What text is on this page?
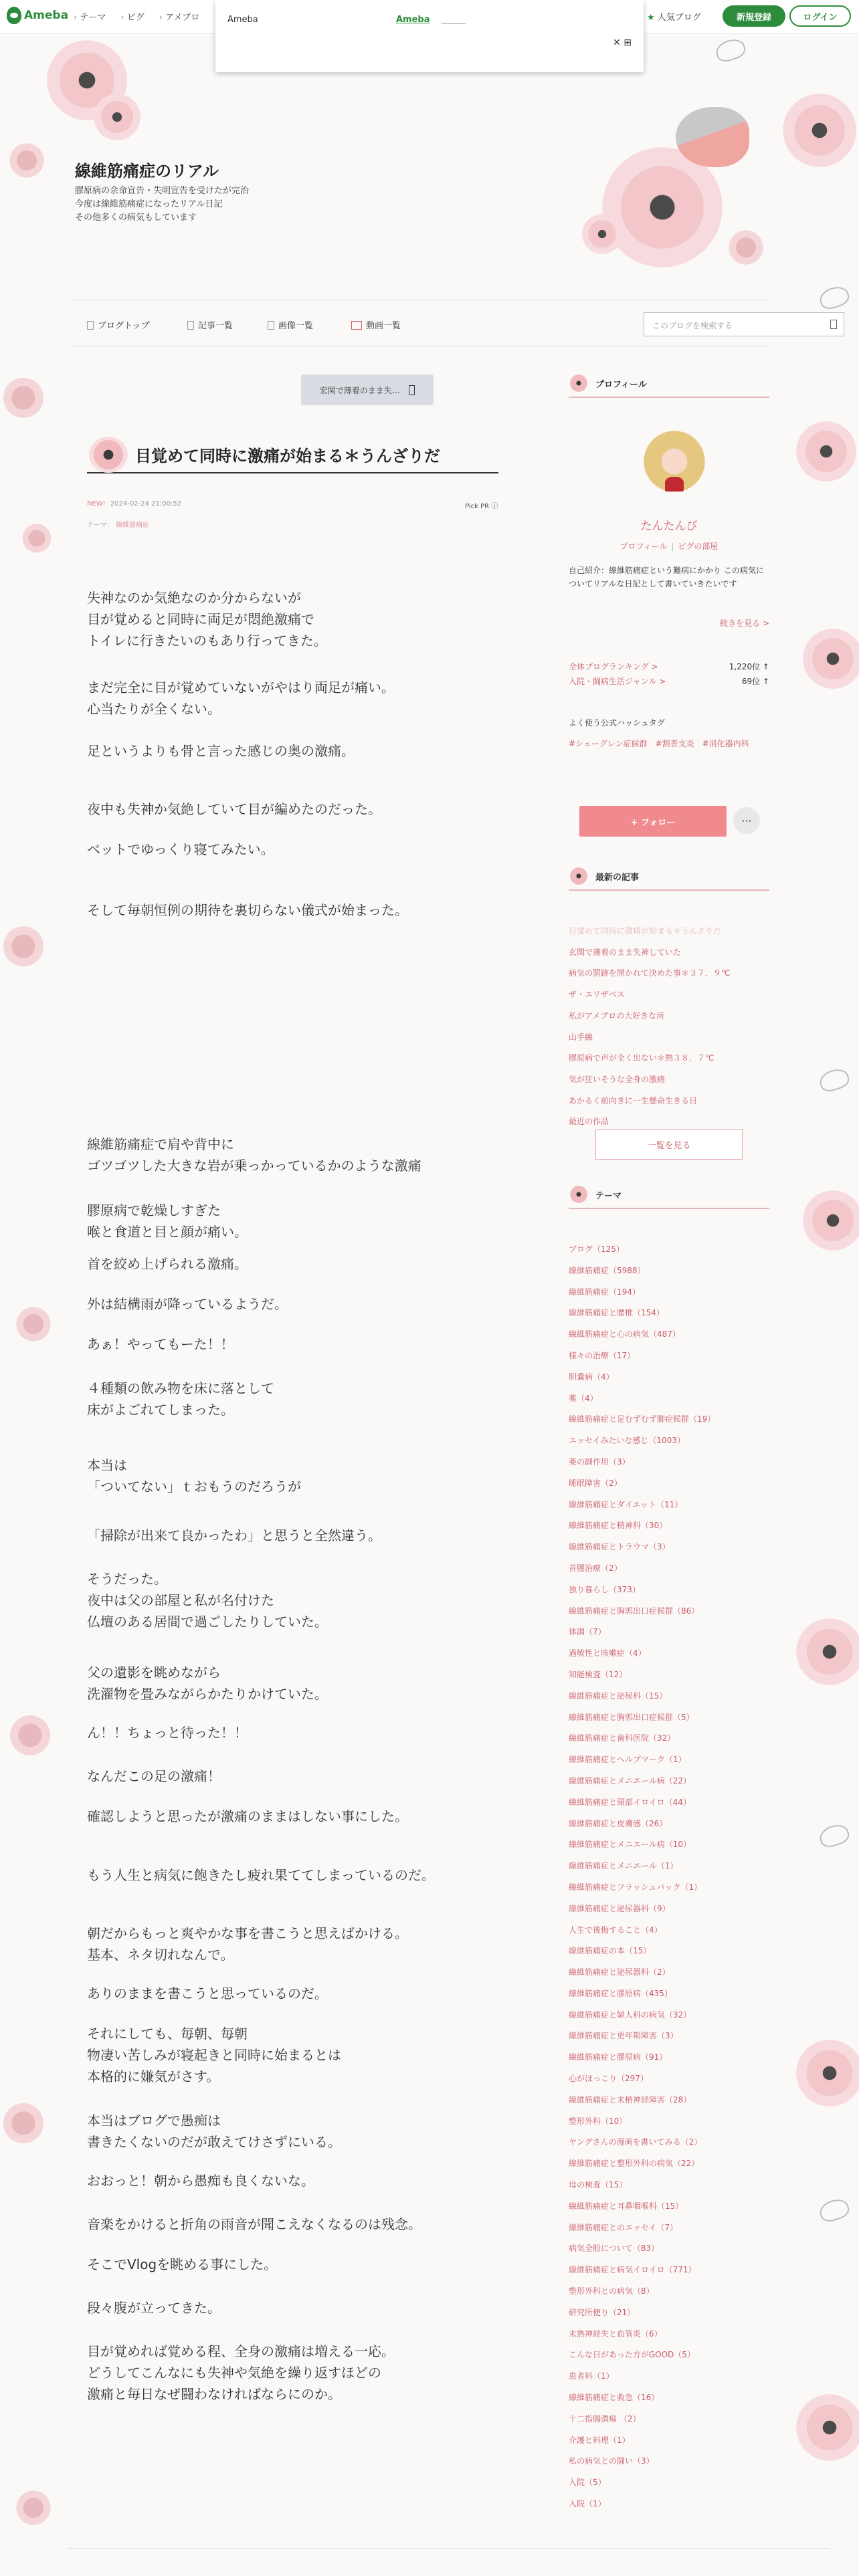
Ameba	› テーマ	› ピグ	› アメブロ	★ 人気ブログ	新規登録	ログイン
Ameba	Ameba
✕ ⊞
線維筋痛症のリアル
膠原病の余命宣告・失明宣告を受けたが完治
今度は線維筋痛症になったリアル日記
その他多くの病気もしています
ブログトップ	記事一覧	画像一覧	動画一覧	このブログを検索する
宏関で薄着のまま失...
目覚めて同時に激痛が始まる＊うんざりだ
NEW! 2024-02-24 21:00:52	Pick PR ⓘ
テーマ： 線維筋痛症
失神なのか気絶なのか分からないが
目が覚めると同時に両足が悶絶激痛で
トイレに行きたいのもあり行ってきた。
まだ完全に目が覚めていないがやはり両足が痛い。
心当たりが全くない。
足というよりも骨と言った感じの奥の激痛。
夜中も失神か気絶していて目が編めたのだった。
ベットでゆっくり寝てみたい。
そして毎朝恒例の期待を裏切らない儀式が始まった。
線維筋痛症で肩や背中に
ゴツゴツした大きな岩が乗っかっているかのような激痛
膠原病で乾燥しすぎた
喉と食道と目と顔が痛い。
首を絞め上げられる激痛。
外は結構雨が降っているようだ。
あぁ！やってもーた！！
４種類の飲み物を床に落として
床がよごれてしまった。
本当は
「ついてない」ｔおもうのだろうが
「掃除が出来て良かったわ」と思うと全然違う。
そうだった。
夜中は父の部屋と私が名付けた
仏壇のある居間で過ごしたりしていた。
父の遺影を眺めながら
洗濯物を畳みながらかたりかけていた。
ん！！ちょっと待った！！
なんだこの足の激痛！
確認しようと思ったが激痛のままはしない事にした。
もう人生と病気に飽きたし疲れ果ててしまっているのだ。
朝だからもっと爽やかな事を書こうと思えばかける。
基本、ネタ切れなんで。
ありのままを書こうと思っているのだ。
それにしても、毎朝、毎朝
物凄い苦しみが寝起きと同時に始まるとは
本格的に嫌気がさす。
本当はブログで愚痴は
書きたくないのだが敢えてけさずにいる。
おおっと！朝から愚痴も良くないな。
音楽をかけると折角の雨音が聞こえなくなるのは残念。
そこでVlogを眺める事にした。
段々腹が立ってきた。
目が覚めれば覚める程、全身の激痛は増える一応。
どうしてこんなにも失神や気絶を繰り返すほどの
激痛と毎日なぜ闘わなければならにのか。
プロフィール
たんたんび
プロフィール | ピグの部屋
自己紹介：線維筋痛症という難病にかかり この病気についてリアルな日記として書いていきたいです
続きを見る >
全体ブログランキング >	1,220位 ↑
入院・闘病生活ジャンル >	69位 ↑
よく使う公式ハッシュタグ
#シェーグレン症候群　#割普支炎　#消化器内科
+ フォロー	···
最新の記事
目覚めて同時に激痛が始まる＊うんざりだ
玄関で薄着のまま失神していた
病気の罰跡を開かれて決めた事＊３７．９℃
ザ・エリザベス
私がアメブロの大好きな所
山手線
膠原病で声が全く出ない＊熱３８．７℃
気が狂いそうな全身の激痛
あかるく前向きに一生懸命生きる日
最近の作品
一覧を見る
テーマ
ブログ（125）
線維筋痛症（5988）
線維筋痛症（194）
線維筋痛症と腰椎（154）
線維筋痛症と心の病気（487）
様々の治療（17）
胆嚢病（4）
薬（4）
線維筋痛症と足むずむず脚症候群（19）
エッセイみたいな感じ（1003）
薬の副作用（3）
睡眠障害（2）
線維筋痛症とダイエット（11）
線維筋痛症と精神科（30）
線維筋痛症とトラウマ（3）
首腰治療（2）
独り暮らし（373）
線維筋痛症と胸郭出口症候群（86）
体調（7）
過敏性と咳嗽症（4）
知能検査（12）
線維筋痛症と泌尿科（15）
線維筋痛症と胸郭出口症候群（5）
線維筋痛症と歯科医院（32）
線維筋痛症とヘルプマーク（1）
線維筋痛症とメニエール病（22）
線維筋痛症と頸部イロイロ（44）
線維筋痛症と皮膚感（26）
線維筋痛症とメニエール病（10）
線維筋痛症とメニエール（1）
線維筋痛症とフラッシュバック（1）
線維筋痛症と泌尿器科（9）
人生で後悔すること（4）
線維筋痛症の本（15）
線維筋痛症と泌尿器科（2）
線維筋痛症と膠原病（435）
線維筋痛症と婦人科の病気（32）
線維筋痛症と更年期障害（3）
線維筋痛症と膠原病（91）
心がほっこり（297）
線維筋痛症と末梢神経障害（28）
整形外科（10）
ヤングさんの漫画を書いてみる（2）
線維筋痛症と整形外科の病気（22）
母の検査（15）
線維筋痛症と耳鼻咽喉科（15）
線維筋痛症とのエッセイ（7）
病気全般について（83）
線維筋痛症と病気イロイロ（771）
整形外科との病気（8）
研究所便り（21）
未熟神経失と血管炎（6）
こんな日があった方がGOOD（5）
患者料（1）
線維筋痛症と救急（16）
十二指腸潰瘍 （2）
介護と料理（1）
私の病気との闘い（3）
入院（5）
入院（1）
